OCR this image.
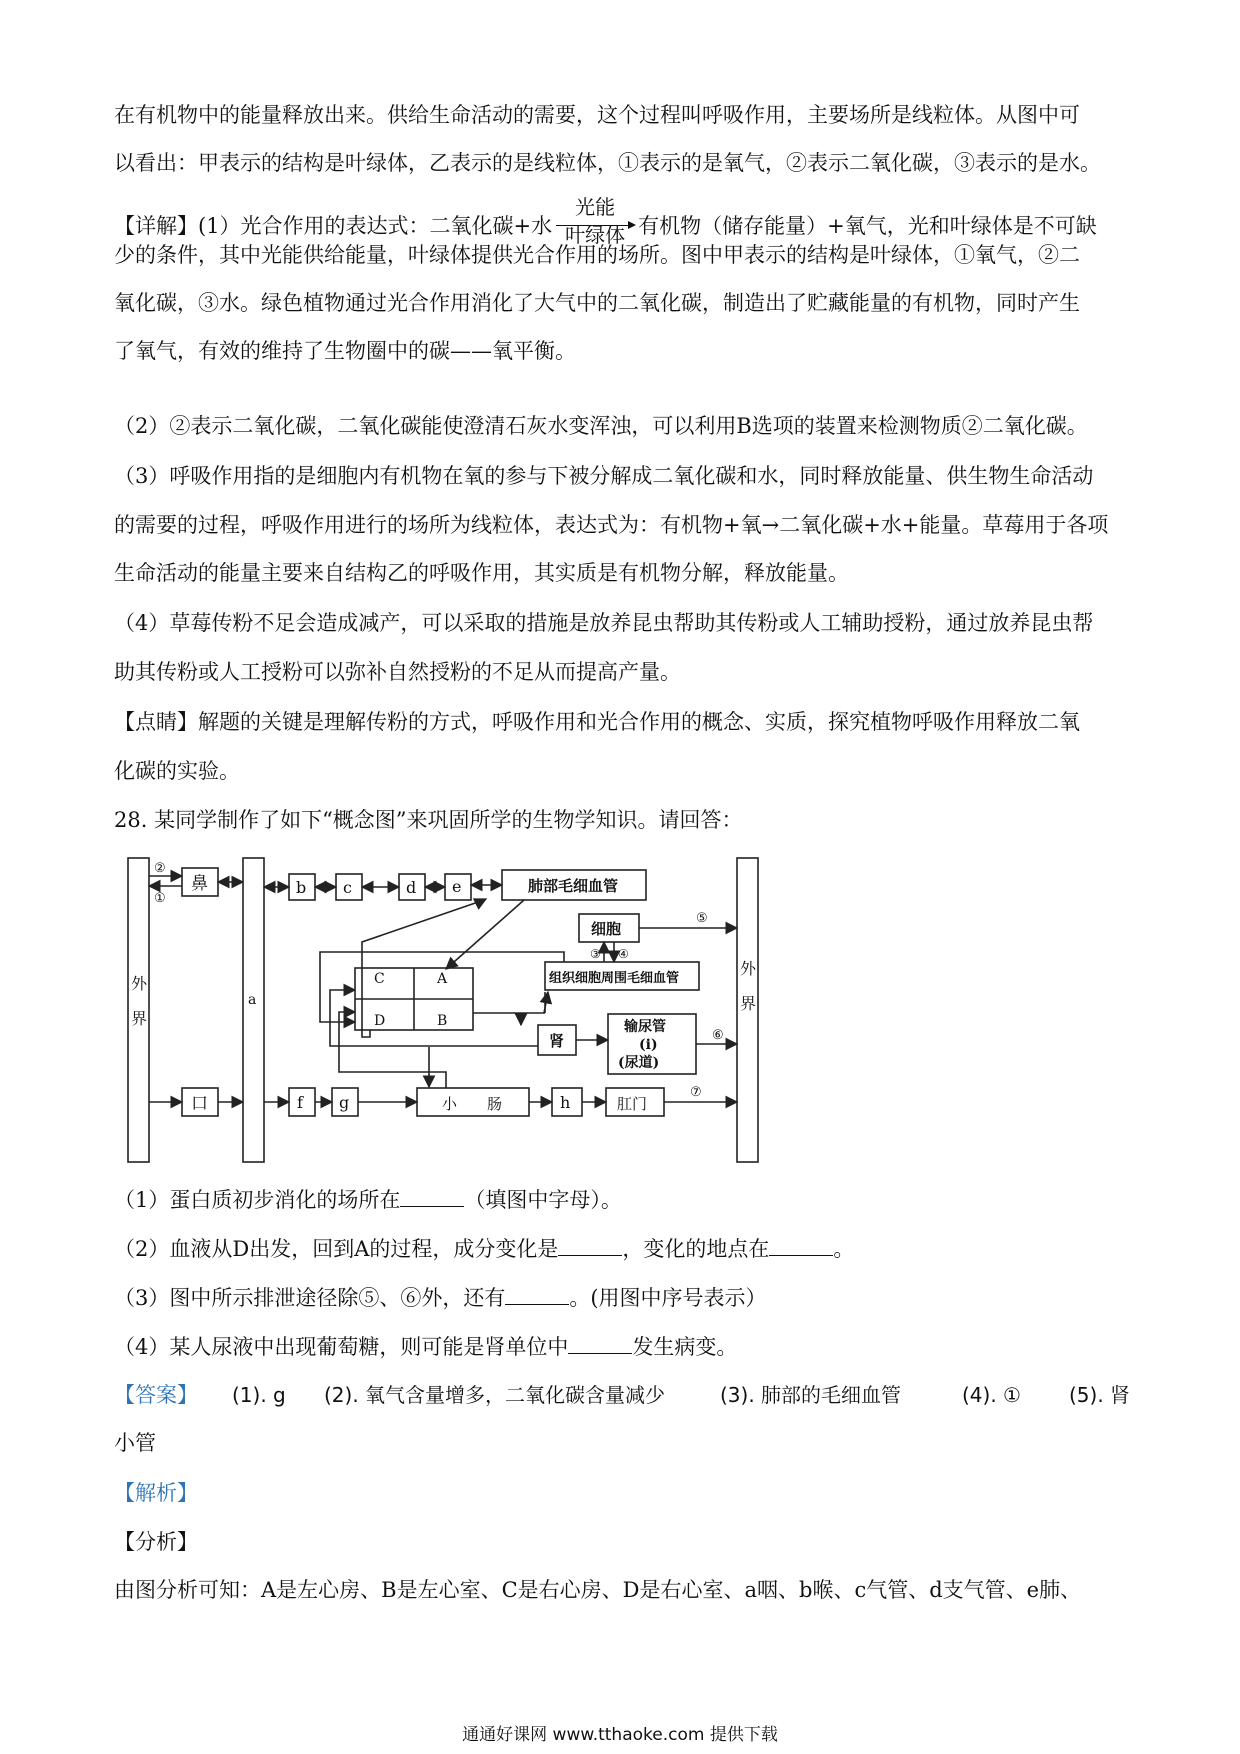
在有机物中的能量释放出来。供给生命活动的需要，这个过程叫呼吸作用，主要场所是线粒体。从图中可
以看出：甲表示的结构是叶绿体，乙表示的是线粒体，①表示的是氧气，②表示二氧化碳，③表示的是水。
【详解】(1）光合作用的表达式：二氧化碳+水
光能
叶绿体 有机物（储存能量）+氧气，光和叶绿体是不可缺
少的条件，其中光能供给能量，叶绿体提供光合作用的场所。图中甲表示的结构是叶绿体，①氧气，②二
氧化碳，③水。绿色植物通过光合作用消化了大气中的二氧化碳，制造出了贮藏能量的有机物，同时产生
了氧气，有效的维持了生物圈中的碳——氧平衡。
（2）②表示二氧化碳，二氧化碳能使澄清石灰水变浑浊，可以利用B选项的装置来检测物质②二氧化碳。
（3）呼吸作用指的是细胞内有机物在氧的参与下被分解成二氧化碳和水，同时释放能量、供生物生命活动
的需要的过程，呼吸作用进行的场所为线粒体，表达式为：有机物+氧→二氧化碳+水+能量。草莓用于各项
生命活动的能量主要来自结构乙的呼吸作用，其实质是有机物分解，释放能量。
（4）草莓传粉不足会造成减产，可以采取的措施是放养昆虫帮助其传粉或人工辅助授粉，通过放养昆虫帮
助其传粉或人工授粉可以弥补自然授粉的不足从而提高产量。
【点睛】解题的关键是理解传粉的方式，呼吸作用和光合作用的概念、实质，探究植物呼吸作用释放二氧
化碳的实验。
28. 某同学制作了如下“概念图”来巩固所学的生物学知识。请回答：
外
界
外
界
a
鼻
口
b c	d e	肺部毛细血管
细胞
组织细胞周围毛细血管
C
D
A
B
肾
输尿管
(i)
(尿道)
f g	小　　肠	h	肛门
①
②
③ ④
⑤
⑥
⑦
（1）蛋白质初步消化的场所在	（填图中字母）。
（2）血液从D出发，回到A的过程，成分变化是	，变化的地点在	。
（3）图中所示排泄途径除⑤、⑥外，还有	。(用图中序号表示）
（4）某人尿液中出现葡萄糖，则可能是肾单位中	发生病变。
【答案】 (1). g (2). 氧气含量增多，二氧化碳含量减少	(3). 肺部的毛细血管	(4). ① (5). 肾
小管
【解析】
【分析】
由图分析可知：A是左心房、B是左心室、C是右心房、D是右心室、a咽、b喉、c气管、d支气管、e肺、
通通好课网 www.tthaoke.com 提供下载
